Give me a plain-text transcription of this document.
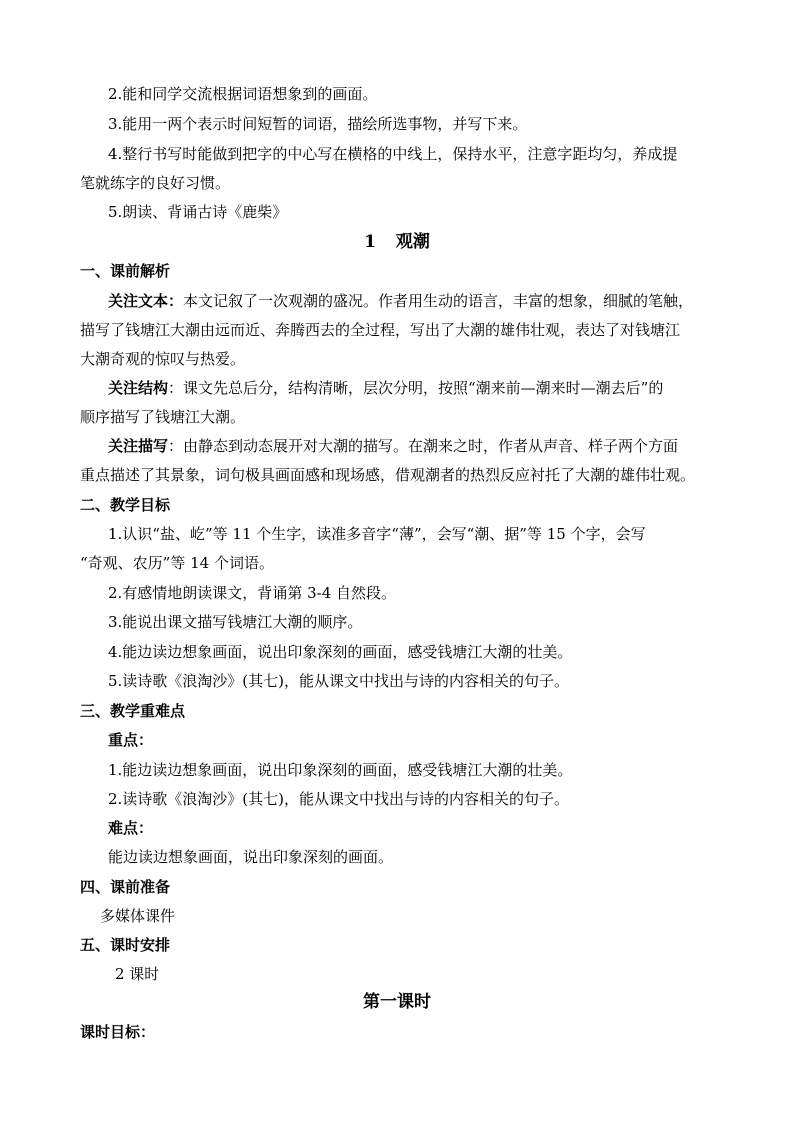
2.能和同学交流根据词语想象到的画面。
3.能用一两个表示时间短暂的词语，描绘所选事物，并写下来。
4.整行书写时能做到把字的中心写在横格的中线上，保持水平，注意字距均匀，养成提
笔就练字的良好习惯。
5.朗读、背诵古诗《鹿柴》
1 观潮
一、课前解析
关注文本：本文记叙了一次观潮的盛况。作者用生动的语言，丰富的想象，细腻的笔触，
描写了钱塘江大潮由远而近、奔腾西去的全过程，写出了大潮的雄伟壮观，表达了对钱塘江
大潮奇观的惊叹与热爱。
关注结构：课文先总后分，结构清晰，层次分明，按照“潮来前—潮来时—潮去后”的
顺序描写了钱塘江大潮。
关注描写：由静态到动态展开对大潮的描写。在潮来之时，作者从声音、样子两个方面
重点描述了其景象，词句极具画面感和现场感，借观潮者的热烈反应衬托了大潮的雄伟壮观。
二、教学目标
1.认识“盐、屹”等 11 个生字，读准多音字“薄”，会写“潮、据”等 15 个字，会写
“奇观、农历”等 14 个词语。
2.有感情地朗读课文，背诵第 3-4 自然段。
3.能说出课文描写钱塘江大潮的顺序。
4.能边读边想象画面，说出印象深刻的画面，感受钱塘江大潮的壮美。
5.读诗歌《浪淘沙》(其七)，能从课文中找出与诗的内容相关的句子。
三、教学重难点
重点：
1.能边读边想象画面，说出印象深刻的画面，感受钱塘江大潮的壮美。
2.读诗歌《浪淘沙》(其七)，能从课文中找出与诗的内容相关的句子。
难点：
能边读边想象画面，说出印象深刻的画面。
四、课前准备
多媒体课件
五、课时安排
2 课时
第一课时
课时目标：
